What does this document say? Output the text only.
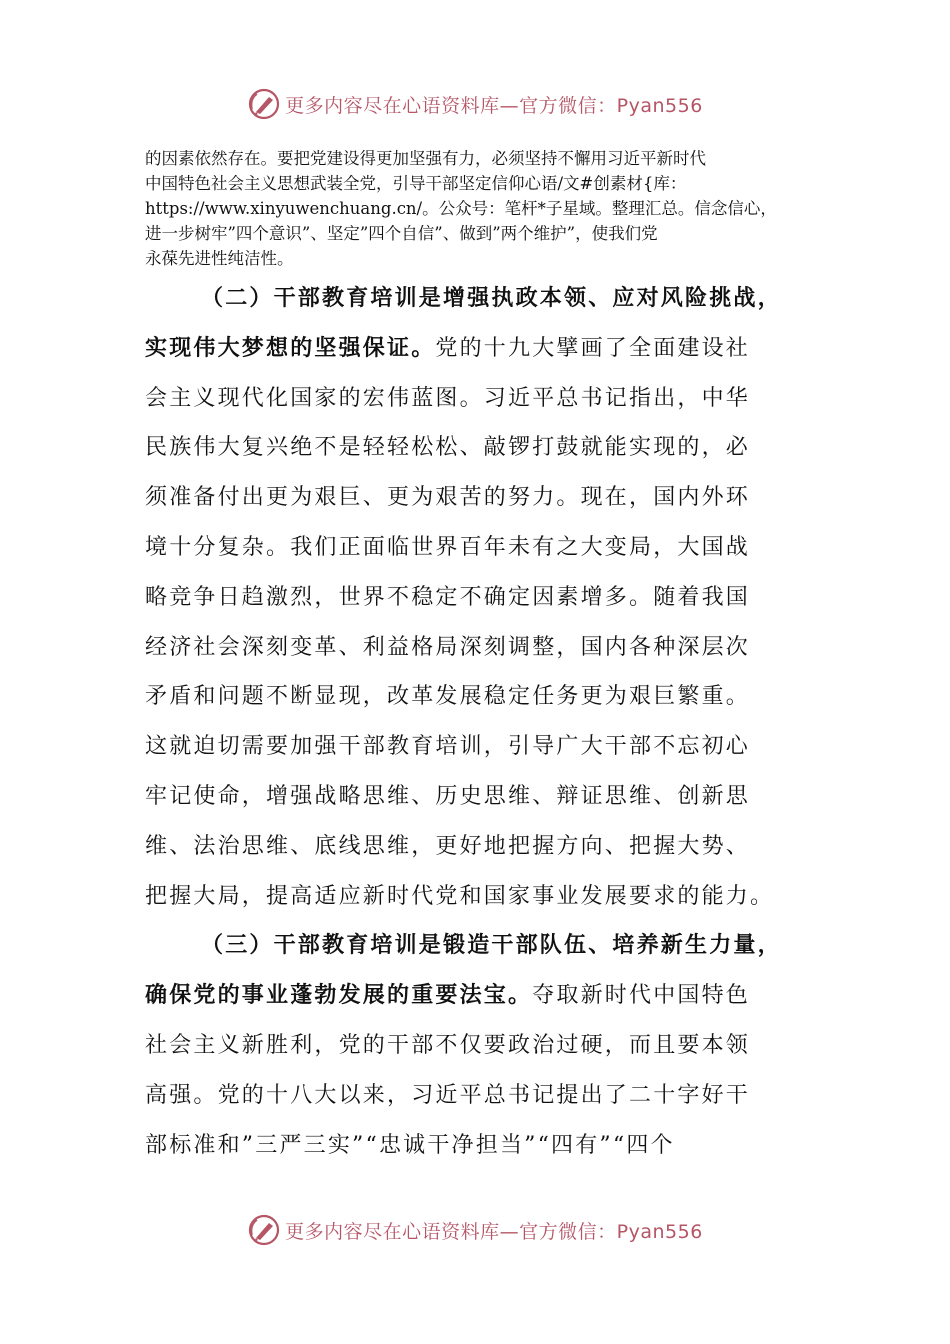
更多内容尽在心语资料库—官方微信：Pyan556
的因素依然存在。要把党建设得更加坚强有力，必须坚持不懈用习近平新时代
中国特色社会主义思想武装全党，引导干部坚定信仰心语/文#创素材{库：
https://www.xinyuwenchuang.cn/。公众号：笔杆*子星域。整理汇总。信念信心，
进一步树牢”四个意识”、坚定”四个自信”、做到”两个维护”，使我们党
永葆先进性纯洁性。
（二）干部教育培训是增强执政本领、应对风险挑战，
实现伟大梦想的坚强保证。党的十九大擘画了全面建设社
会主义现代化国家的宏伟蓝图。习近平总书记指出，中华
民族伟大复兴绝不是轻轻松松、敲锣打鼓就能实现的，必
须准备付出更为艰巨、更为艰苦的努力。现在，国内外环
境十分复杂。我们正面临世界百年未有之大变局，大国战
略竞争日趋激烈，世界不稳定不确定因素增多。随着我国
经济社会深刻变革、利益格局深刻调整，国内各种深层次
矛盾和问题不断显现，改革发展稳定任务更为艰巨繁重。
这就迫切需要加强干部教育培训，引导广大干部不忘初心
牢记使命，增强战略思维、历史思维、辩证思维、创新思
维、法治思维、底线思维，更好地把握方向、把握大势、
把握大局，提高适应新时代党和国家事业发展要求的能力。
（三）干部教育培训是锻造干部队伍、培养新生力量，
确保党的事业蓬勃发展的重要法宝。夺取新时代中国特色
社会主义新胜利，党的干部不仅要政治过硬，而且要本领
高强。党的十八大以来，习近平总书记提出了二十字好干
部标准和”三严三实”“忠诚干净担当”“四有”“四个
更多内容尽在心语资料库—官方微信：Pyan556
